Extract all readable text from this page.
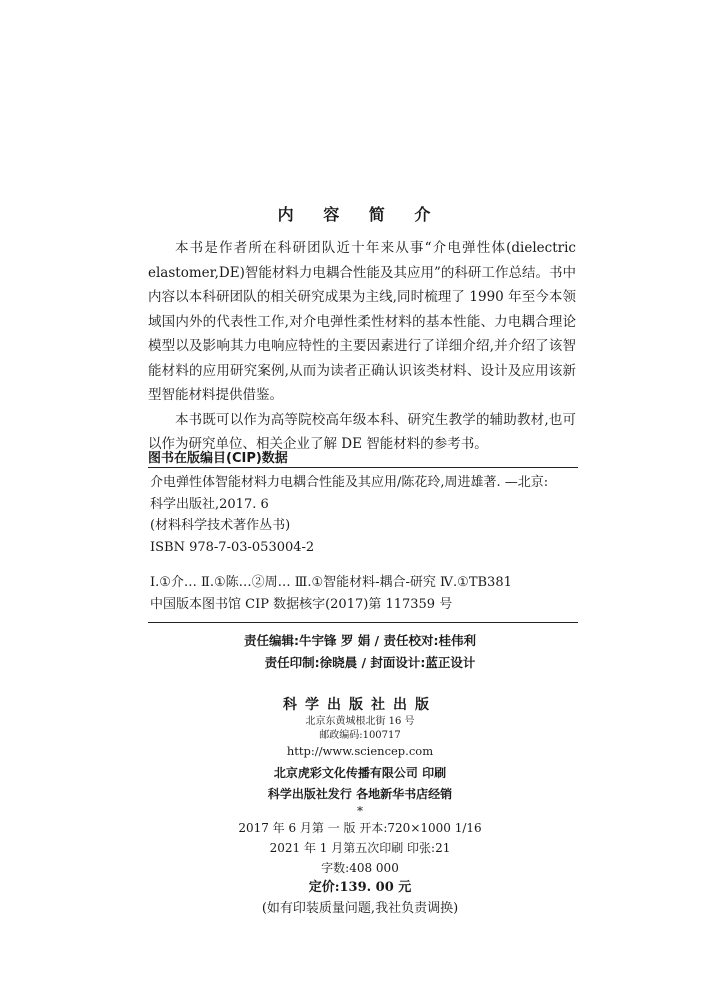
内 容 简 介

本书是作者所在科研团队近十年来从事“介电弹性体(dielectric elastomer,DE)智能材料力电耦合性能及其应用”的科研工作总结。书中内容以本科研团队的相关研究成果为主线,同时梳理了 1990 年至今本领域国内外的代表性工作,对介电弹性柔性材料的基本性能、力电耦合理论模型以及影响其力电响应特性的主要因素进行了详细介绍,并介绍了该智能材料的应用研究案例,从而为读者正确认识该类材料、设计及应用该新型智能材料提供借鉴。

本书既可以作为高等院校高年级本科、研究生教学的辅助教材,也可以作为研究单位、相关企业了解 DE 智能材料的参考书。

图书在版编目(CIP)数据
介电弹性体智能材料力电耦合性能及其应用/陈花玲,周进雄著. —北京:
科学出版社,2017. 6
(材料科学技术著作丛书)
ISBN 978-7-03-053004-2
Ⅰ.①介… Ⅱ.①陈…②周… Ⅲ.①智能材料-耦合-研究 Ⅳ.①TB381
中国版本图书馆 CIP 数据核字(2017)第 117359 号
责任编辑:牛宇锋 罗 娟 / 责任校对:桂伟利
责任印制:徐晓晨 / 封面设计:蓝正设计
科学出版社出版
北京东黄城根北街 16 号
邮政编码:100717
http://www.sciencep.com
北京虎彩文化传播有限公司 印刷
科学出版社发行 各地新华书店经销
*
2017 年 6 月第 一 版 开本:720×1000 1/16
2021 年 1 月第五次印刷 印张:21
字数:408 000
定价:139. 00 元
(如有印装质量问题,我社负责调换)
